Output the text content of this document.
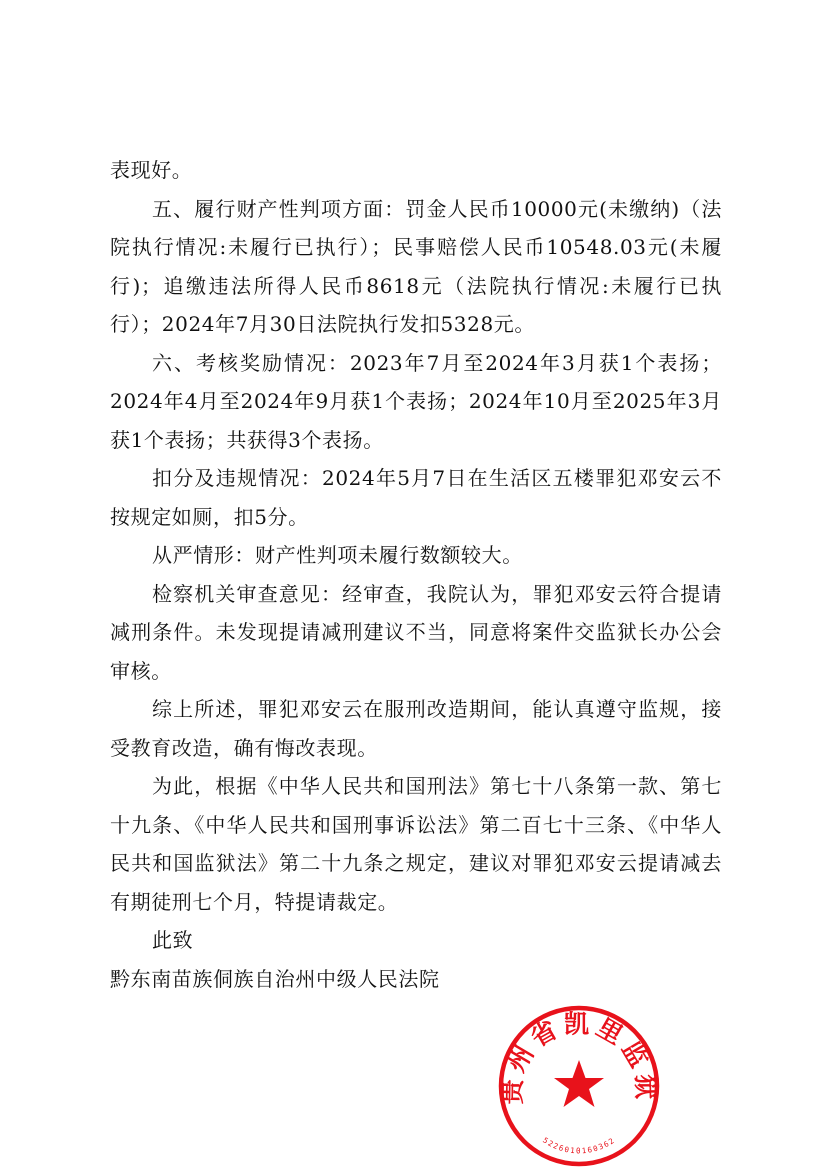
表现好。

五、履行财产性判项方面：罚金人民币10000元(未缴纳)（法院执行情况:未履行已执行）；民事赔偿人民币10548.03元(未履行)；追缴违法所得人民币8618元（法院执行情况:未履行已执行）；2024年7月30日法院执行发扣5328元。

六、考核奖励情况：2023年7月至2024年3月获1个表扬；2024年4月至2024年9月获1个表扬；2024年10月至2025年3月获1个表扬；共获得3个表扬。

扣分及违规情况：2024年5月7日在生活区五楼罪犯邓安云不按规定如厕，扣5分。

从严情形：财产性判项未履行数额较大。

检察机关审查意见：经审查，我院认为，罪犯邓安云符合提请减刑条件。未发现提请减刑建议不当，同意将案件交监狱长办公会审核。

综上所述，罪犯邓安云在服刑改造期间，能认真遵守监规，接受教育改造，确有悔改表现。

为此，根据《中华人民共和国刑法》第七十八条第一款、第七十九条、《中华人民共和国刑事诉讼法》第二百七十三条、《中华人民共和国监狱法》第二十九条之规定，建议对罪犯邓安云提请减去有期徒刑七个月，特提请裁定。

此致

黔东南苗族侗族自治州中级人民法院

贵州省凯里监狱
5226010160362
